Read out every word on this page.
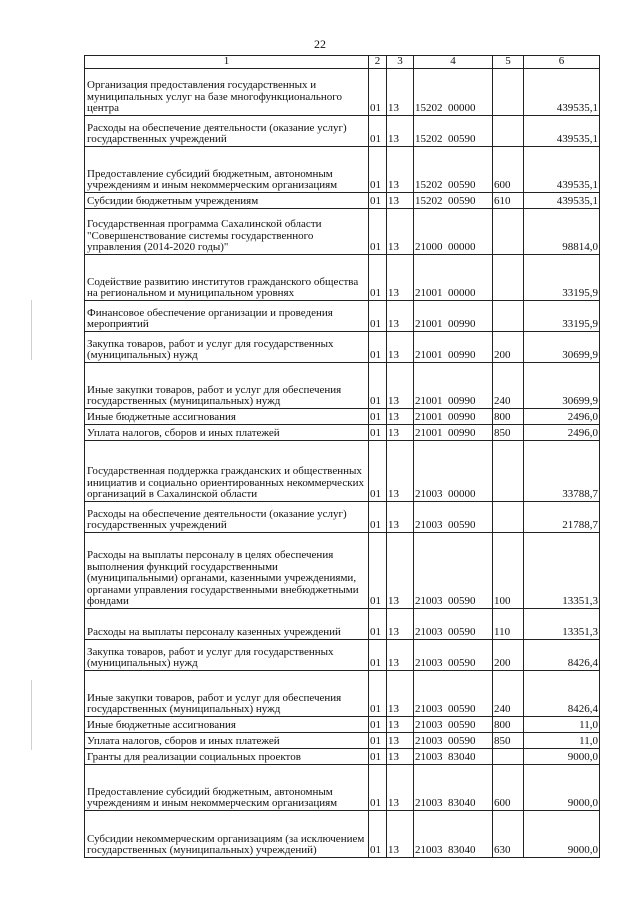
22
1	2	3	4	5	6
Организация предоставления государственных и муниципальных услуг на базе многофункционального центра	01	13	15202  00000		439535,1
Расходы на обеспечение деятельности (оказание услуг) государственных учреждений	01	13	15202  00590		439535,1
Предоставление субсидий бюджетным, автономным учреждениям и иным некоммерческим организациям	01	13	15202  00590	600	439535,1
Субсидии бюджетным учреждениям	01	13	15202  00590	610	439535,1
Государственная программа Сахалинской области "Совершенствование системы государственного управления (2014-2020 годы)"	01	13	21000  00000		98814,0
Содействие развитию институтов гражданского общества на региональном и муниципальном уровнях	01	13	21001  00000		33195,9
Финансовое обеспечение организации и проведения мероприятий	01	13	21001  00990		33195,9
Закупка товаров, работ и услуг для государственных (муниципальных) нужд	01	13	21001  00990	200	30699,9
Иные закупки товаров, работ и услуг для обеспечения государственных (муниципальных) нужд	01	13	21001  00990	240	30699,9
Иные бюджетные ассигнования	01	13	21001  00990	800	2496,0
Уплата налогов, сборов и иных платежей	01	13	21001  00990	850	2496,0
Государственная поддержка гражданских и общественных инициатив и социально ориентированных некоммерческих организаций в Сахалинской области	01	13	21003  00000		33788,7
Расходы на обеспечение деятельности (оказание услуг) государственных учреждений	01	13	21003  00590		21788,7
Расходы на выплаты персоналу в целях обеспечения выполнения функций государственными (муниципальными) органами, казенными учреждениями, органами управления государственными внебюджетными фондами	01	13	21003  00590	100	13351,3
Расходы на выплаты персоналу казенных учреждений	01	13	21003  00590	110	13351,3
Закупка товаров, работ и услуг для государственных (муниципальных) нужд	01	13	21003  00590	200	8426,4
Иные закупки товаров, работ и услуг для обеспечения государственных (муниципальных) нужд	01	13	21003  00590	240	8426,4
Иные бюджетные ассигнования	01	13	21003  00590	800	11,0
Уплата налогов, сборов и иных платежей	01	13	21003  00590	850	11,0
Гранты для реализации социальных проектов	01	13	21003  83040		9000,0
Предоставление субсидий бюджетным, автономным учреждениям и иным некоммерческим организациям	01	13	21003  83040	600	9000,0
Субсидии некоммерческим организациям (за исключением государственных (муниципальных) учреждений)	01	13	21003  83040	630	9000,0
